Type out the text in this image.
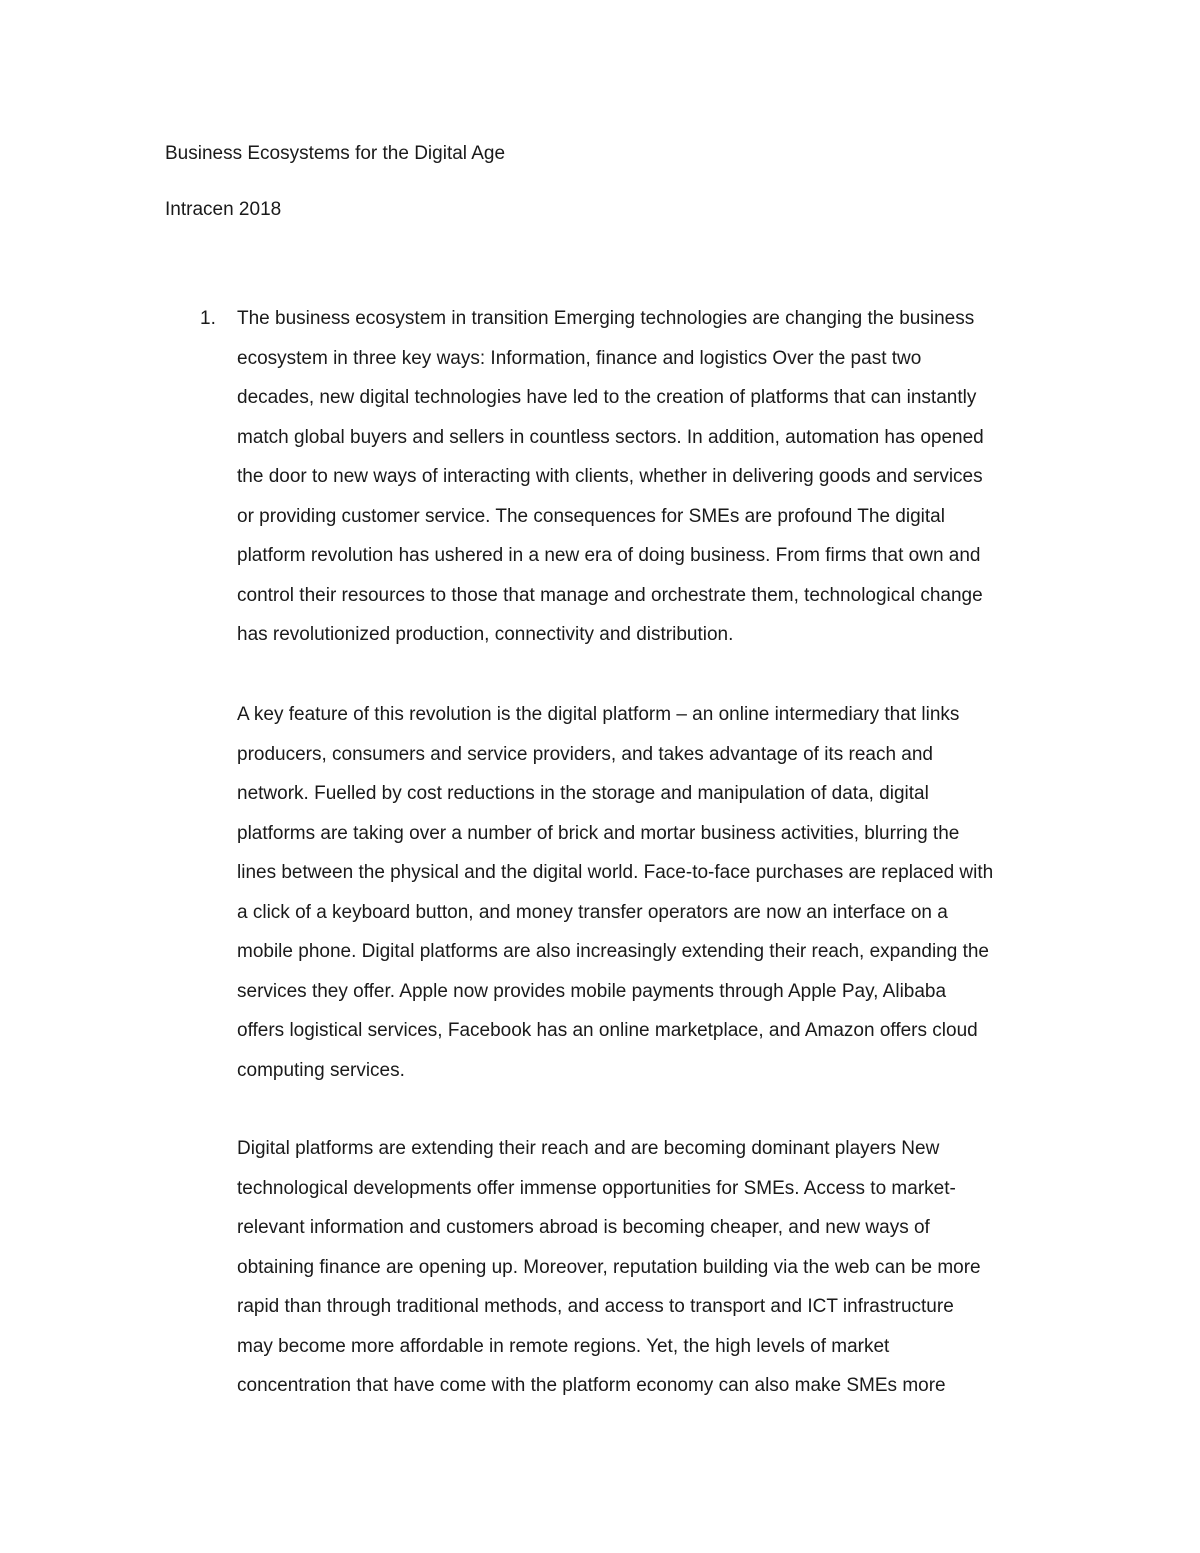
Business Ecosystems for the Digital Age
Intracen 2018
1. The business ecosystem in transition Emerging technologies are changing the business
ecosystem in three key ways: Information, finance and logistics Over the past two
decades, new digital technologies have led to the creation of platforms that can instantly
match global buyers and sellers in countless sectors. In addition, automation has opened
the door to new ways of interacting with clients, whether in delivering goods and services
or providing customer service. The consequences for SMEs are profound The digital
platform revolution has ushered in a new era of doing business. From firms that own and
control their resources to those that manage and orchestrate them, technological change
has revolutionized production, connectivity and distribution.
A key feature of this revolution is the digital platform – an online intermediary that links
producers, consumers and service providers, and takes advantage of its reach and
network. Fuelled by cost reductions in the storage and manipulation of data, digital
platforms are taking over a number of brick and mortar business activities, blurring the
lines between the physical and the digital world. Face-to-face purchases are replaced with
a click of a keyboard button, and money transfer operators are now an interface on a
mobile phone. Digital platforms are also increasingly extending their reach, expanding the
services they offer. Apple now provides mobile payments through Apple Pay, Alibaba
offers logistical services, Facebook has an online marketplace, and Amazon offers cloud
computing services.
Digital platforms are extending their reach and are becoming dominant players New
technological developments offer immense opportunities for SMEs. Access to market-
relevant information and customers abroad is becoming cheaper, and new ways of
obtaining finance are opening up. Moreover, reputation building via the web can be more
rapid than through traditional methods, and access to transport and ICT infrastructure
may become more affordable in remote regions. Yet, the high levels of market
concentration that have come with the platform economy can also make SMEs more
